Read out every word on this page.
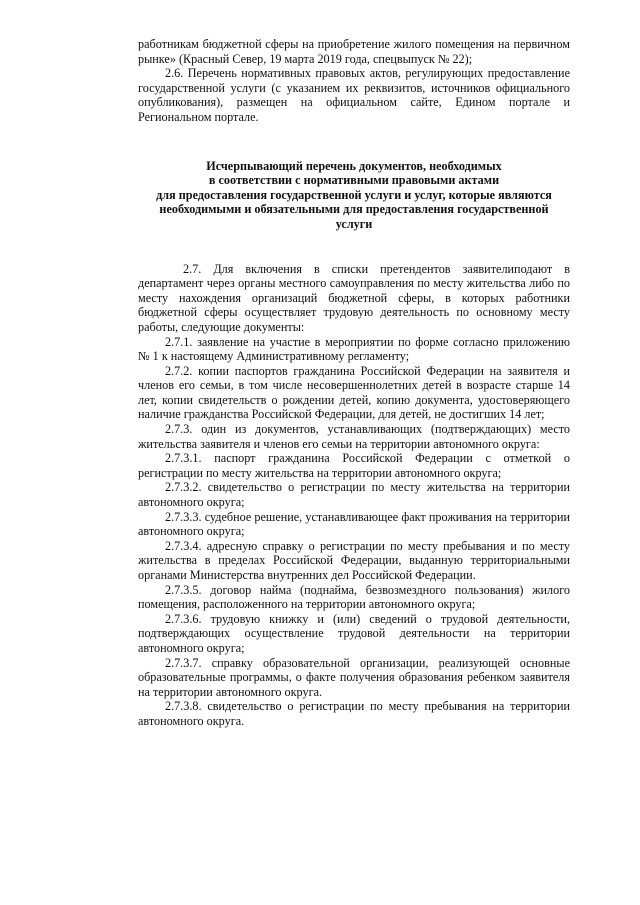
работникам бюджетной сферы на приобретение жилого помещения на первичном рынке» (Красный Север, 19 марта 2019 года, спецвыпуск № 22);

2.6. Перечень нормативных правовых актов, регулирующих предоставление государственной услуги (с указанием их реквизитов, источников официального опубликования), размещен на официальном сайте, Едином портале и Региональном портале.

Исчерпывающий перечень документов, необходимых
в соответствии с нормативными правовыми актами
для предоставления государственной услуги и услуг, которые являются
необходимыми и обязательными для предоставления государственной
услуги

2.7. Для включения в списки претендентов заявителиподают в департамент через органы местного самоуправления по месту жительства либо по месту нахождения организаций бюджетной сферы, в которых работники бюджетной сферы осуществляет трудовую деятельность по основному месту работы, следующие документы:

2.7.1. заявление на участие в мероприятии по форме согласно приложению № 1 к настоящему Административному регламенту;

2.7.2. копии паспортов гражданина Российской Федерации на заявителя и членов его семьи, в том числе несовершеннолетних детей в возрасте старше 14 лет, копии свидетельств о рождении детей, копию документа, удостоверяющего наличие гражданства Российской Федерации, для детей, не достигших 14 лет;

2.7.3. один из документов, устанавливающих (подтверждающих) место жительства заявителя и членов его семьи на территории автономного округа:

2.7.3.1. паспорт гражданина Российской Федерации с отметкой о регистрации по месту жительства на территории автономного округа;

2.7.3.2. свидетельство о регистрации по месту жительства на территории автономного округа;

2.7.3.3. судебное решение, устанавливающее факт проживания на территории автономного округа;

2.7.3.4. адресную справку о регистрации по месту пребывания и по месту жительства в пределах Российской Федерации, выданную территориальными органами Министерства внутренних дел Российской Федерации.

2.7.3.5. договор найма (поднайма, безвозмездного пользования) жилого помещения, расположенного на территории автономного округа;

2.7.3.6. трудовую книжку и (или) сведений о трудовой деятельности, подтверждающих осуществление трудовой деятельности на территории автономного округа;

2.7.3.7. справку образовательной организации, реализующей основные образовательные программы, о факте получения образования ребенком заявителя на территории автономного округа.

2.7.3.8. свидетельство о регистрации по месту пребывания на территории автономного округа.
